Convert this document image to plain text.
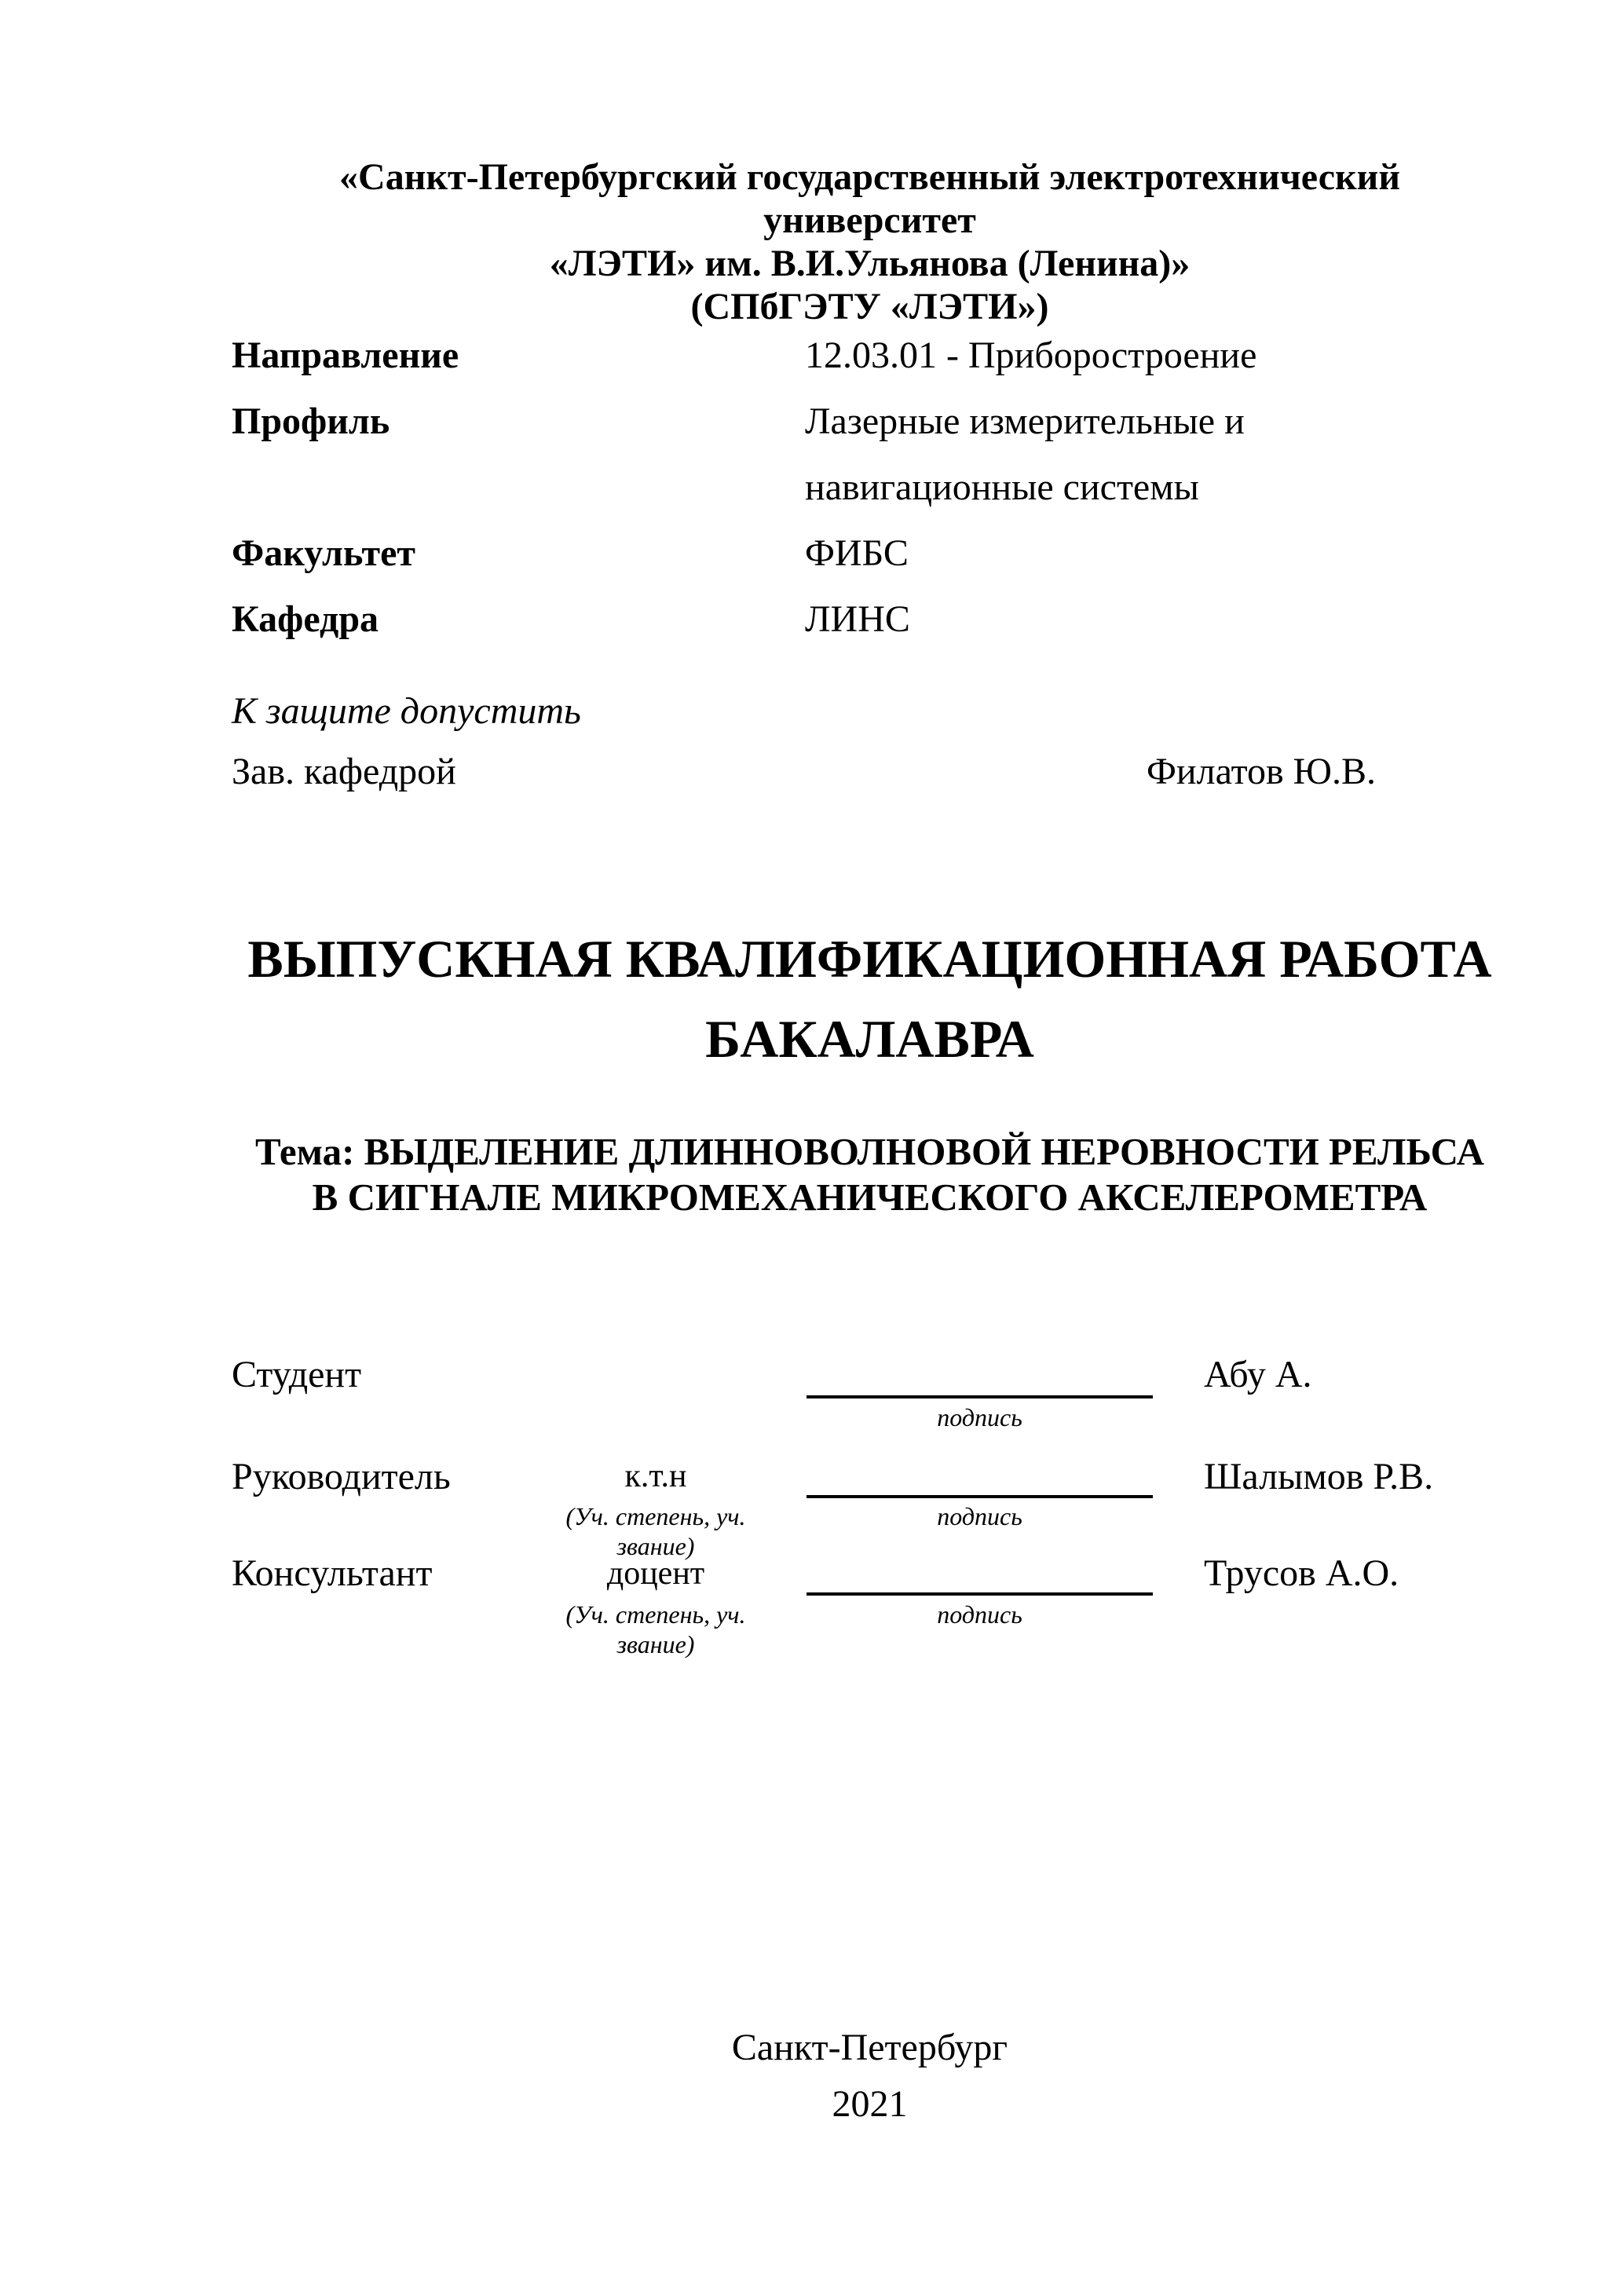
«Санкт-Петербургский государственный электротехнический университет
«ЛЭТИ» им. В.И.Ульянова (Ленина)»
(СПбГЭТУ «ЛЭТИ»)
Направление	12.03.01 - Приборостроение
Профиль	Лазерные измерительные и
навигационные системы
Факультет	ФИБС
Кафедра	ЛИНС
К защите допустить
Зав. кафедрой	Филатов Ю.В.
ВЫПУСКНАЯ КВАЛИФИКАЦИОННАЯ РАБОТА
БАКАЛАВРА
Тема: ВЫДЕЛЕНИЕ ДЛИННОВОЛНОВОЙ НЕРОВНОСТИ РЕЛЬСА
В СИГНАЛЕ МИКРОМЕХАНИЧЕСКОГО АКСЕЛЕРОМЕТРА
Студент	Абу А.
подпись
Руководитель	к.т.н	Шалымов Р.В.
(Уч. степень, уч. звание)
подпись
Консультант	доцент	Трусов А.О.
(Уч. степень, уч. звание)
подпись
Санкт-Петербург
2021
